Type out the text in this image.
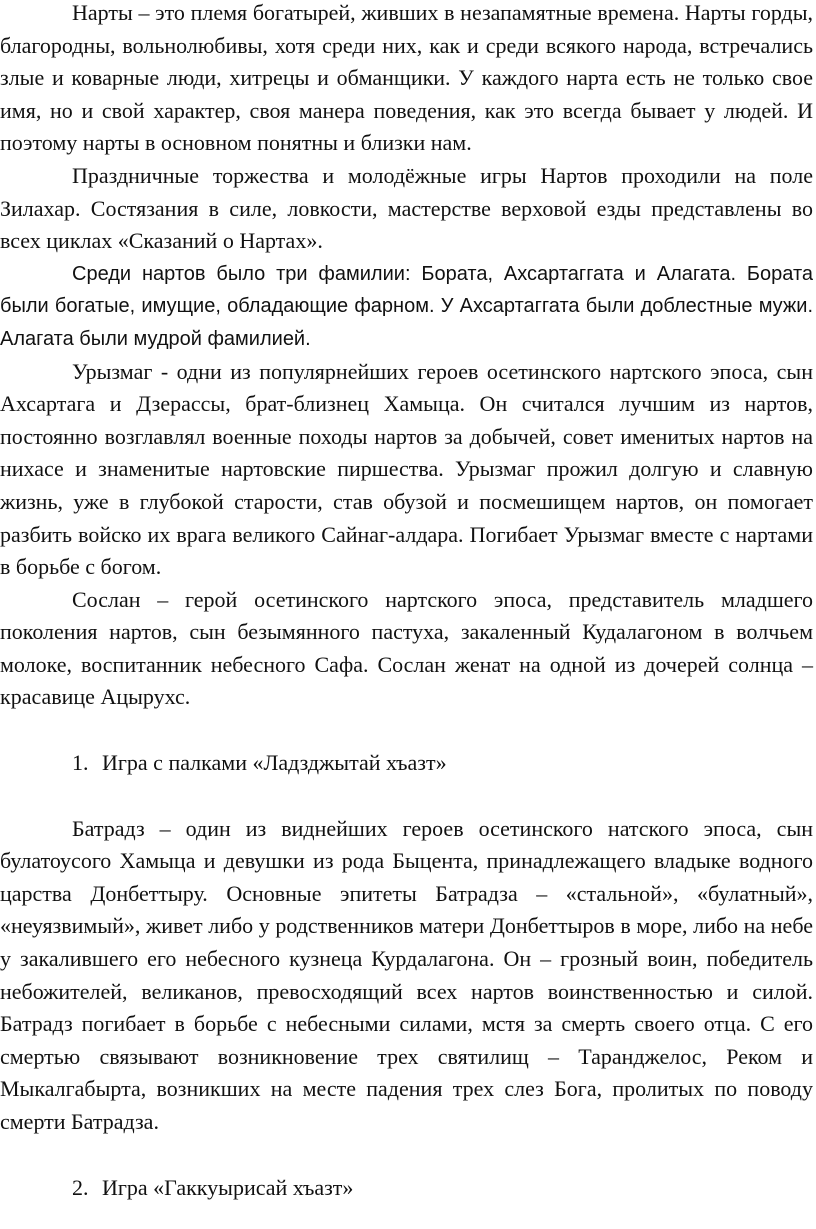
Нарты – это племя богатырей, живших в незапамятные времена. Нарты горды, благородны, вольнолюбивы, хотя среди них, как и среди всякого народа, встречались злые и коварные люди, хитрецы и обманщики. У каждого нарта есть не только свое имя, но и свой характер, своя манера поведения, как это всегда бывает у людей. И поэтому нарты в основном понятны и близки нам.

Праздничные торжества и молодёжные игры Нартов проходили на поле Зилахар. Состязания в силе, ловкости, мастерстве верховой езды представлены во всех циклах «Сказаний о Нартах».

Среди нартов было три фамилии: Бората, Ахсартаггата и Алагата. Бората были богатые, имущие, обладающие фарном. У Ахсартаггата были доблестные мужи. Алагата были мудрой фамилией.

Урызмаг - одни из популярнейших героев осетинского нартского эпоса, сын Ахсартага и Дзерассы, брат-близнец Хамыца. Он считался лучшим из нартов, постоянно возглавлял военные походы нартов за добычей, совет именитых нартов на нихасе и знаменитые нартовские пиршества. Урызмаг прожил долгую и славную жизнь, уже в глубокой старости, став обузой и посмешищем нартов, он помогает разбить войско их врага великого Сайнаг-алдара. Погибает Урызмаг вместе с нартами в борьбе с богом.

Сослан – герой осетинского нартского эпоса, представитель младшего поколения нартов, сын безымянного пастуха, закаленный Кудалагоном в волчьем молоке, воспитанник небесного Сафа. Сослан женат на одной из дочерей солнца – красавице Ацырухс.

1. Игра с палками «Ладзджытай хъазт»

Батрадз – один из виднейших героев осетинского натского эпоса, сын булатоусого Хамыца и девушки из рода Быцента, принадлежащего владыке водного царства Донбеттыру. Основные эпитеты Батрадза – «стальной», «булатный», «неуязвимый», живет либо у родственников матери Донбеттыров в море, либо на небе у закалившего его небесного кузнеца Курдалагона. Он – грозный воин, победитель небожителей, великанов, превосходящий всех нартов воинственностью и силой. Батрадз погибает в борьбе с небесными силами, мстя за смерть своего отца. С его смертью связывают возникновение трех святилищ – Таранджелос, Реком и Мыкалгабырта, возникших на месте падения трех слез Бога, пролитых по поводу смерти Батрадза.

2. Игра «Гаккуырисай хъазт»
